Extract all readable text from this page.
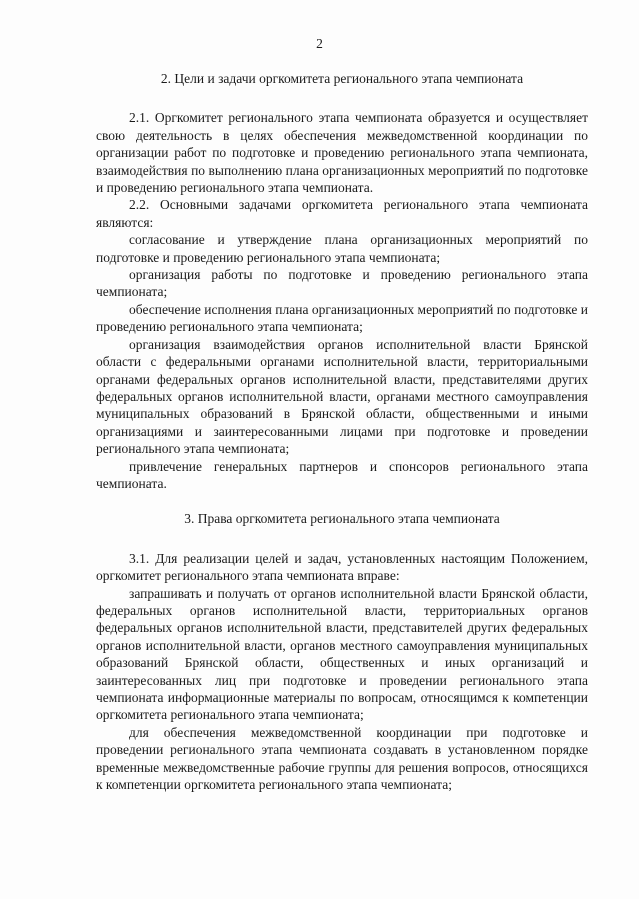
2
2. Цели и задачи оргкомитета регионального этапа чемпионата

2.1. Оргкомитет регионального этапа чемпионата образуется и осуществляет свою деятельность в целях обеспечения межведомственной координации по организации работ по подготовке и проведению регионального этапа чемпионата, взаимодействия по выполнению плана организационных мероприятий по подготовке и проведению регионального этапа чемпионата.

2.2. Основными задачами оргкомитета регионального этапа чемпионата являются:

согласование и утверждение плана организационных мероприятий по подготовке и проведению регионального этапа чемпионата;

организация работы по подготовке и проведению регионального этапа чемпионата;

обеспечение исполнения плана организационных мероприятий по подготовке и проведению регионального этапа чемпионата;

организация взаимодействия органов исполнительной власти Брянской области с федеральными органами исполнительной власти, территориальными органами федеральных органов исполнительной власти, представителями других федеральных органов исполнительной власти, органами местного самоуправления муниципальных образований в Брянской области, общественными и иными организациями и заинтересованными лицами при подготовке и проведении регионального этапа чемпионата;

привлечение генеральных партнеров и спонсоров регионального этапа чемпионата.

3. Права оргкомитета регионального этапа чемпионата

3.1. Для реализации целей и задач, установленных настоящим Положением, оргкомитет регионального этапа чемпионата вправе:

запрашивать и получать от органов исполнительной власти Брянской области, федеральных органов исполнительной власти, территориальных органов федеральных органов исполнительной власти, представителей других федеральных органов исполнительной власти, органов местного самоуправления муниципальных образований Брянской области, общественных и иных организаций и заинтересованных лиц при подготовке и проведении регионального этапа чемпионата информационные материалы по вопросам, относящимся к компетенции оргкомитета регионального этапа чемпионата;

для обеспечения межведомственной координации при подготовке и проведении регионального этапа чемпионата создавать в установленном порядке временные межведомственные рабочие группы для решения вопросов, относящихся к компетенции оргкомитета регионального этапа чемпионата;
